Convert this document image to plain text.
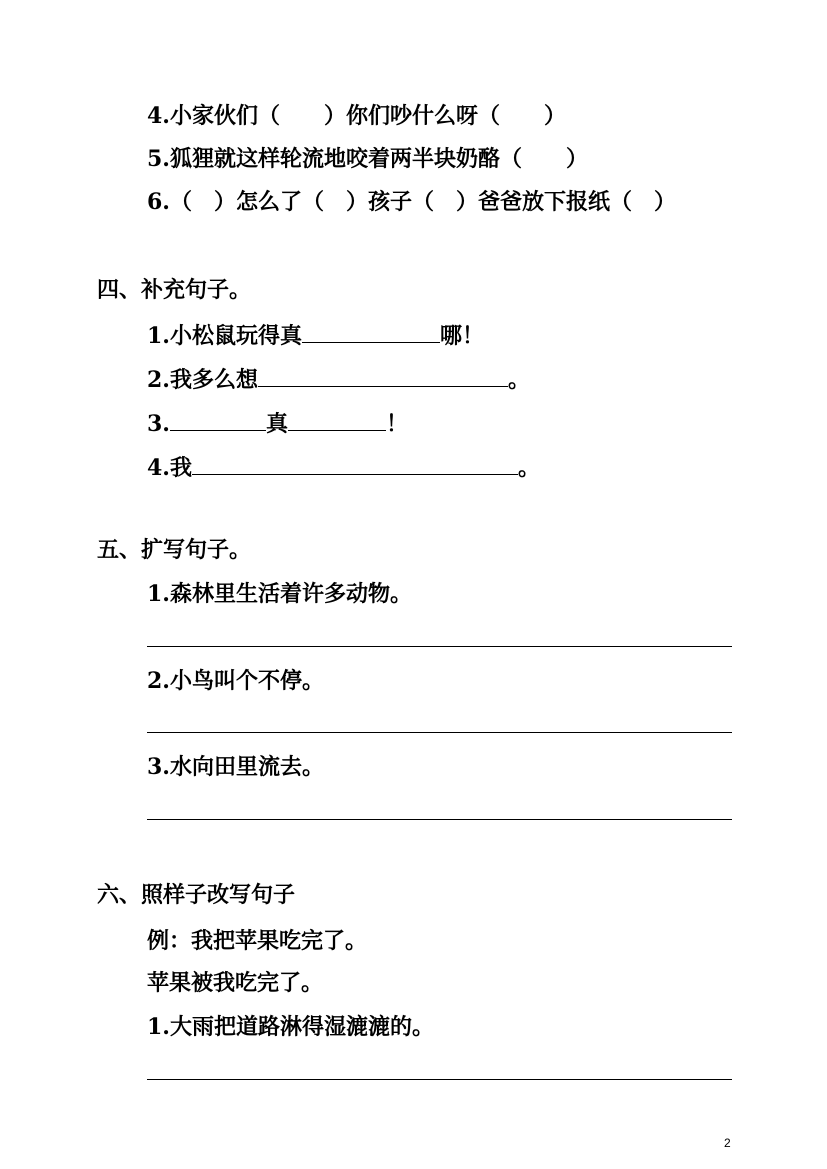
4.小家伙们（　　）你们吵什么呀（　　）
5.狐狸就这样轮流地咬着两半块奶酪（　　）
6.（　）怎么了（　）孩子（　）爸爸放下报纸（　）
四、补充句子。
1.小松鼠玩得真	哪！
2.我多么想	。
3.	真	！
4.我	。
五、扩写句子。
1.森林里生活着许多动物。
2.小鸟叫个不停。
3.水向田里流去。
六、照样子改写句子
例：我把苹果吃完了。
苹果被我吃完了。
1.大雨把道路淋得湿漉漉的。
2
